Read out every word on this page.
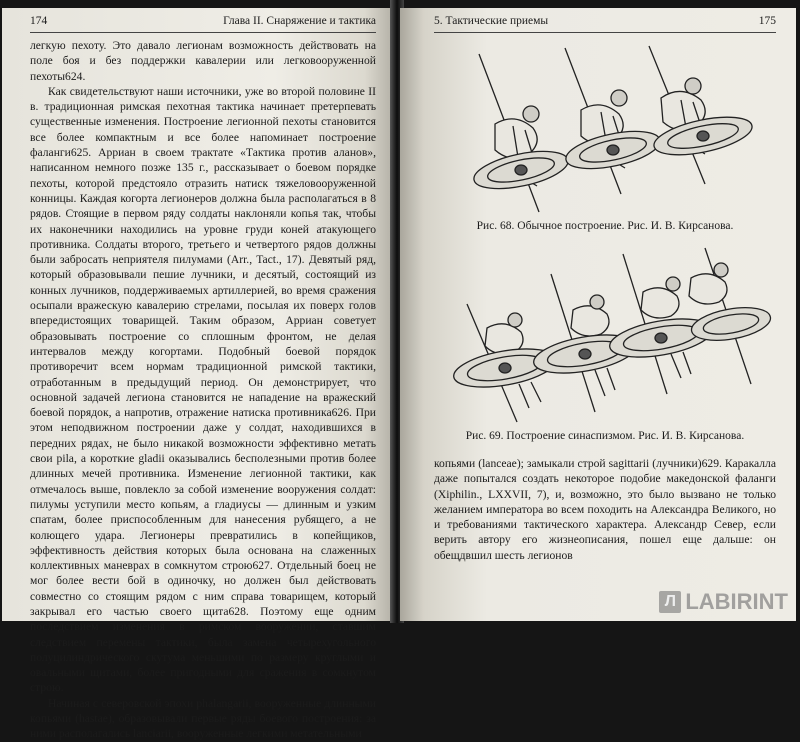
174	Глава II. Снаряжение и тактика

легкую пехоту. Это давало легионам возможность действовать на поле боя и без поддержки кавалерии или легковооруженной пехоты624.

Как свидетельствуют наши источники, уже во второй половине II в. традиционная римская пехотная тактика начинает претерпевать существенные изменения. Построение легионной пехоты становится все более компактным и все более напоминает построение фаланги625. Арриан в своем трактате «Тактика против аланов», написанном немного позже 135 г., рассказывает о боевом порядке пехоты, которой предстояло отразить натиск тяжеловооруженной конницы. Каждая когорта легионеров должна была располагаться в 8 рядов. Стоящие в первом ряду солдаты наклоняли копья так, чтобы их наконечники находились на уровне груди коней атакующего противника. Солдаты второго, третьего и четвертого рядов должны были забросать неприятеля пилумами (Arr., Tact., 17). Девятый ряд, который образовывали пешие лучники, и десятый, состоящий из конных лучников, поддерживаемых артиллерией, во время сражения осыпали вражескую кавалерию стрелами, посылая их поверх голов впередистоящих товарищей. Таким образом, Арриан советует образовывать построение со сплошным фронтом, не делая интервалов между когортами. Подобный боевой порядок противоречит всем нормам традиционной римской тактики, отработанным в предыдущий период. Он демонстрирует, что основной задачей легиона становится не нападение на вражеский боевой порядок, а напротив, отражение натиска противника626. При этом неподвижном построении даже у солдат, находившихся в передних рядах, не было никакой возможности эффективно метать свои pila, а короткие gladii оказывались бесполезными против более длинных мечей противника. Изменение легионной тактики, как отмечалось выше, повлекло за собой изменение вооружения солдат: пилумы уступили место копьям, а гладиусы — длинным и узким спатам, более приспособленным для нанесения рубящего, а не колющего удара. Легионеры превратились в копейщиков, эффективность действия которых была основана на слаженных коллективных маневрах в сомкнутом строю627. Отдельный боец не мог более вести бой в одиночку, но должен был действовать совместно со стоящим рядом с ним справа товарищем, который закрывал его частью своего щита628. Поэтому еще одним последствием изменения в римском вооружении, ставшим следствием перемены тактики, была замена четырехугольного полуцилиндрического скутума меньшими по размеру круглыми и овальными щитами, более пригодными для сражения в сомкнутом строю.

Начиная с северовской эпохи phalangarii, вооруженные длинными копьями (hastae), образовывали первые ряды боевого построения: за ними располагались lanciarii, вооруженные легкими метательными

5. Тактические приемы	175

Рис. 68. Обычное построение. Рис. И. В. Кирсанова.

Рис. 69. Построение синаспизмом. Рис. И. В. Кирсанова.

копьями (lanceae); замыкали строй sagittarii (лучники)629. Каракалла даже попытался создать некоторое подобие македонской фаланги (Xiphilin., LXXVII, 7), и, возможно, это было вызвано не только желанием императора во всем походить на Александра Великого, но и требованиями тактического характера. Александр Север, если верить автору его жизнеописания, пошел еще дальше: он обещдвшил шесть легионов

Л LABIRINT
